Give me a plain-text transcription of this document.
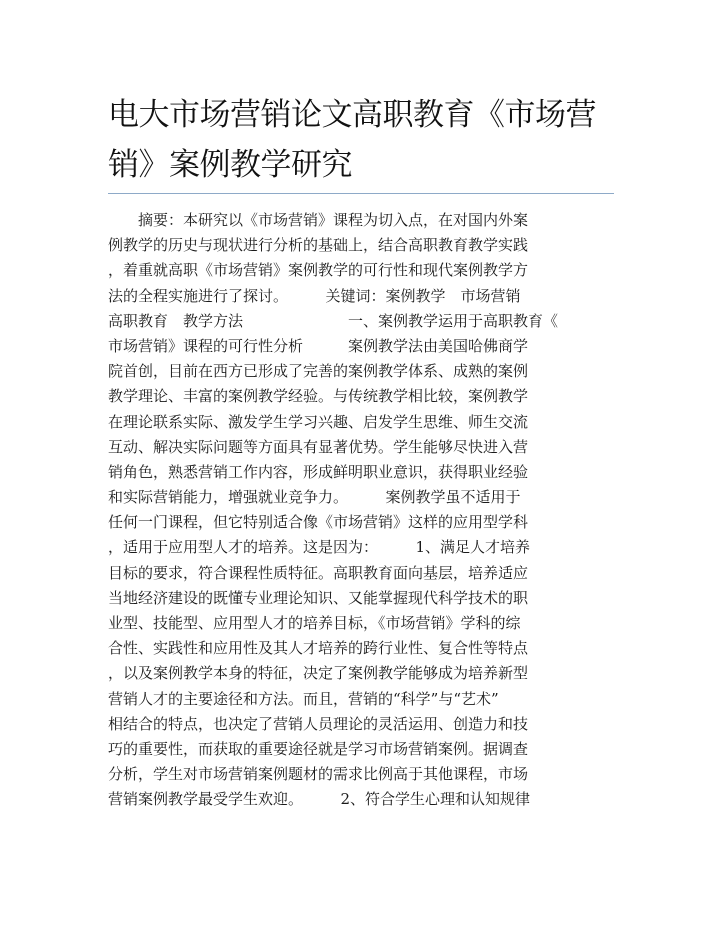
电大市场营销论文高职教育《市场营
销》案例教学研究
　　摘要：本研究以《市场营销》课程为切入点，在对国内外案
例教学的历史与现状进行分析的基础上，结合高职教育教学实践
，着重就高职《市场营销》案例教学的可行性和现代案例教学方
法的全程实施进行了探讨。　　　关键词：案例教学　市场营销
高职教育　教学方法　　　　　　　一、案例教学运用于高职教育《
市场营销》课程的可行性分析　　　案例教学法由美国哈佛商学
院首创，目前在西方已形成了完善的案例教学体系、成熟的案例
教学理论、丰富的案例教学经验。与传统教学相比较，案例教学
在理论联系实际、激发学生学习兴趣、启发学生思维、师生交流
互动、解决实际问题等方面具有显著优势。学生能够尽快进入营
销角色，熟悉营销工作内容，形成鲜明职业意识，获得职业经验
和实际营销能力，增强就业竞争力。　　　案例教学虽不适用于
任何一门课程，但它特别适合像《市场营销》这样的应用型学科
，适用于应用型人才的培养。这是因为：　　　1、满足人才培养
目标的要求，符合课程性质特征。高职教育面向基层，培养适应
当地经济建设的既懂专业理论知识、又能掌握现代科学技术的职
业型、技能型、应用型人才的培养目标，《市场营销》学科的综
合性、实践性和应用性及其人才培养的跨行业性、复合性等特点
，以及案例教学本身的特征，决定了案例教学能够成为培养新型
营销人才的主要途径和方法。而且，营销的“科学”与“艺术”
相结合的特点，也决定了营销人员理论的灵活运用、创造力和技
巧的重要性，而获取的重要途径就是学习市场营销案例。据调查
分析，学生对市场营销案例题材的需求比例高于其他课程，市场
营销案例教学最受学生欢迎。　　　2、符合学生心理和认知规律
